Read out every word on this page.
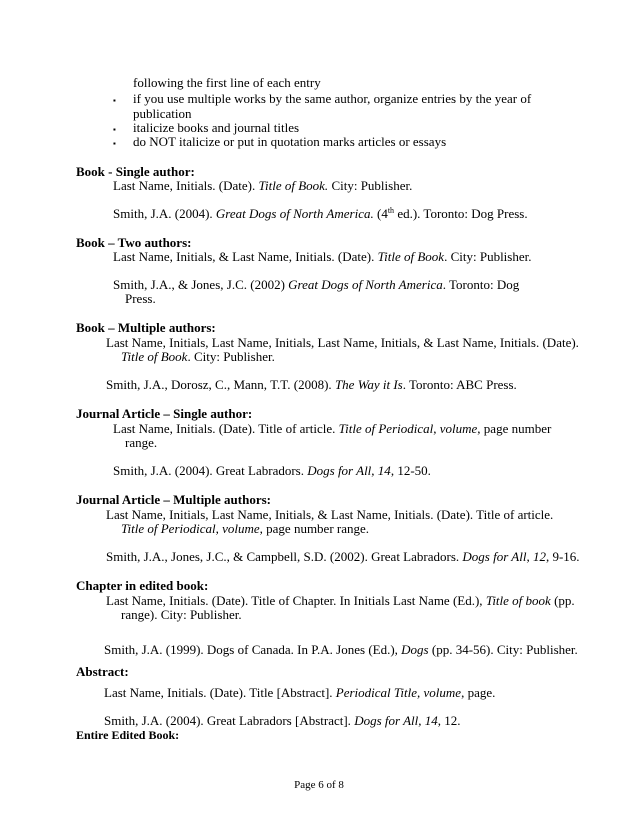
following the first line of each entry
▪ if you use multiple works by the same author, organize entries by the year of
publication
▪ italicize books and journal titles
▪ do NOT italicize or put in quotation marks articles or essays
Book - Single author:
Last Name, Initials. (Date). Title of Book. City: Publisher.
Smith, J.A. (2004). Great Dogs of North America. (4th ed.). Toronto: Dog Press.
Book – Two authors:
Last Name, Initials, & Last Name, Initials. (Date). Title of Book. City: Publisher.
Smith, J.A., & Jones, J.C. (2002) Great Dogs of North America. Toronto: Dog
Press.
Book – Multiple authors:
Last Name, Initials, Last Name, Initials, Last Name, Initials, & Last Name, Initials. (Date).
Title of Book. City: Publisher.
Smith, J.A., Dorosz, C., Mann, T.T. (2008). The Way it Is. Toronto: ABC Press.
Journal Article – Single author:
Last Name, Initials. (Date). Title of article. Title of Periodical, volume, page number
range.
Smith, J.A. (2004). Great Labradors. Dogs for All, 14, 12-50.
Journal Article – Multiple authors:
Last Name, Initials, Last Name, Initials, & Last Name, Initials. (Date). Title of article.
Title of Periodical, volume, page number range.
Smith, J.A., Jones, J.C., & Campbell, S.D. (2002). Great Labradors. Dogs for All, 12, 9-16.
Chapter in edited book:
Last Name, Initials. (Date). Title of Chapter. In Initials Last Name (Ed.), Title of book (pp.
range). City: Publisher.
Smith, J.A. (1999). Dogs of Canada. In P.A. Jones (Ed.), Dogs (pp. 34-56). City: Publisher.
Abstract:
Last Name, Initials. (Date). Title [Abstract]. Periodical Title, volume, page.
Smith, J.A. (2004). Great Labradors [Abstract]. Dogs for All, 14, 12.
Entire Edited Book:
Page 6 of 8
